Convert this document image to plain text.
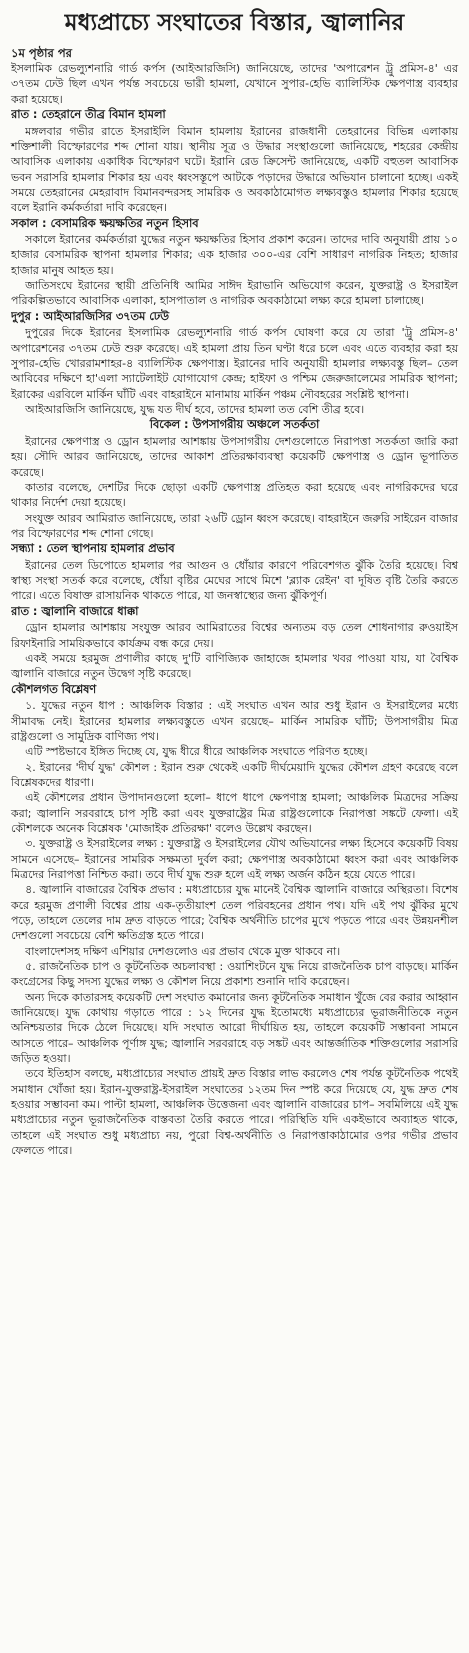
মধ্যপ্রাচ্যে সংঘাতের বিস্তার, জ্বালানির
১ম পৃষ্ঠার পর

ইসলামিক রেভল্যুশনারি গার্ড কর্পস (আইআরজিসি) জানিয়েছে, তাদের 'অপারেশন ট্রু প্রমিস-৪' এর ৩৭তম ঢেউ ছিল এখন পর্যন্ত সবচেয়ে ভারী হামলা, যেখানে সুপার-হেভি ব্যালিস্টিক ক্ষেপণাস্ত্র ব্যবহার করা হয়েছে।

রাত : তেহরানে তীব্র বিমান হামলা

মঙ্গলবার গভীর রাতে ইসরাইলি বিমান হামলায় ইরানের রাজধানী তেহরানের বিভিন্ন এলাকায় শক্তিশালী বিস্ফোরণের শব্দ শোনা যায়। স্থানীয় সূত্র ও উদ্ধার সংস্থাগুলো জানিয়েছে, শহরের কেন্দ্রীয় আবাসিক এলাকায় একাধিক বিস্ফোরণ ঘটে। ইরানি রেড ক্রিসেন্ট জানিয়েছে, একটি বহুতল আবাসিক ভবন সরাসরি হামলার শিকার হয় এবং ধ্বংসস্তূপে আটকে পড়াদের উদ্ধারে অভিযান চালানো হচ্ছে। একই সময়ে তেহরানের মেহরাবাদ বিমানবন্দরসহ সামরিক ও অবকাঠামোগত লক্ষ্যবস্তুও হামলার শিকার হয়েছে বলে ইরানি কর্মকর্তারা দাবি করেছেন।

সকাল : বেসামরিক ক্ষয়ক্ষতির নতুন হিসাব

সকালে ইরানের কর্মকর্তারা যুদ্ধের নতুন ক্ষয়ক্ষতির হিসাব প্রকাশ করেন। তাদের দাবি অনুযায়ী প্রায় ১০ হাজার বেসামরিক স্থাপনা হামলার শিকার; এক হাজার ৩০০-এর বেশি সাধারণ নাগরিক নিহত; হাজার হাজার মানুষ আহত হয়।

জাতিসংঘে ইরানের স্থায়ী প্রতিনিধি আমির সাঈদ ইরাভানি অভিযোগ করেন, যুক্তরাষ্ট্র ও ইসরাইল পরিকল্পিতভাবে আবাসিক এলাকা, হাসপাতাল ও নাগরিক অবকাঠামো লক্ষ্য করে হামলা চালাচ্ছে।

দুপুর : আইআরজিসির ৩৭তম ঢেউ

দুপুরের দিকে ইরানের ইসলামিক রেভল্যুশনারি গার্ড কর্পস ঘোষণা করে যে তারা 'ট্রু প্রমিস-৪' অপারেশনের ৩৭তম ঢেউ শুরু করেছে। এই হামলা প্রায় তিন ঘণ্টা ধরে চলে এবং এতে ব্যবহার করা হয় সুপার-হেভি খোররামশাহর-৪ ব্যালিস্টিক ক্ষেপণাস্ত্র। ইরানের দাবি অনুযায়ী হামলার লক্ষ্যবস্তু ছিল– তেল আবিবের দক্ষিণে হা'এলা স্যাটেলাইট যোগাযোগ কেন্দ্র; হাইফা ও পশ্চিম জেরুজালেমের সামরিক স্থাপনা; ইরাকের এরবিলে মার্কিন ঘাঁটি এবং বাহরাইনে মানামায় মার্কিন পঞ্চম নৌবহরের সংশ্লিষ্ট স্থাপনা।

আইআরজিসি জানিয়েছে, যুদ্ধ যত দীর্ঘ হবে, তাদের হামলা তত বেশি তীব্র হবে।

বিকেল : উপসাগরীয় অঞ্চলে সতর্কতা

ইরানের ক্ষেপণাস্ত্র ও ড্রোন হামলার আশঙ্কায় উপসাগরীয় দেশগুলোতে নিরাপত্তা সতর্কতা জারি করা হয়। সৌদি আরব জানিয়েছে, তাদের আকাশ প্রতিরক্ষাব্যবস্থা কয়েকটি ক্ষেপণাস্ত্র ও ড্রোন ভূপাতিত করেছে।

কাতার বলেছে, দেশটির দিকে ছোড়া একটি ক্ষেপণাস্ত্র প্রতিহত করা হয়েছে এবং নাগরিকদের ঘরে থাকার নির্দেশ দেয়া হয়েছে।

সংযুক্ত আরব আমিরাত জানিয়েছে, তারা ২৬টি ড্রোন ধ্বংস করেছে। বাহরাইনে জরুরি সাইরেন বাজার পর বিস্ফোরণের শব্দ শোনা গেছে।

সন্ধ্যা : তেল স্থাপনায় হামলার প্রভাব

ইরানের তেল ডিপোতে হামলার পর আগুন ও ধোঁয়ার কারণে পরিবেশগত ঝুঁকি তৈরি হয়েছে। বিশ্ব স্বাস্থ্য সংস্থা সতর্ক করে বলেছে, ধোঁয়া বৃষ্টির মেঘের সাথে মিশে 'ব্ল্যাক রেইন' বা দূষিত বৃষ্টি তৈরি করতে পারে। এতে বিষাক্ত রাসায়নিক থাকতে পারে, যা জনস্বাস্থ্যের জন্য ঝুঁকিপূর্ণ।

রাত : জ্বালানি বাজারে ধাক্কা

ড্রোন হামলার আশঙ্কায় সংযুক্ত আরব আমিরাতের বিশ্বের অন্যতম বড় তেল শোধনাগার রুওয়াইস রিফাইনারি সাময়িকভাবে কার্যক্রম বন্ধ করে দেয়।

একই সময়ে হরমুজ প্রণালীর কাছে দু'টি বাণিজ্যিক জাহাজে হামলার খবর পাওয়া যায়, যা বৈশ্বিক জ্বালানি বাজারে নতুন উদ্বেগ সৃষ্টি করেছে।

কৌশলগত বিশ্লেষণ

১. যুদ্ধের নতুন ধাপ : আঞ্চলিক বিস্তার : এই সংঘাত এখন আর শুধু ইরান ও ইসরাইলের মধ্যে সীমাবদ্ধ নেই। ইরানের হামলার লক্ষ্যবস্তুতে এখন রয়েছে– মার্কিন সামরিক ঘাঁটি; উপসাগরীয় মিত্র রাষ্ট্রগুলো ও সামুদ্রিক বাণিজ্য পথ।

এটি স্পষ্টভাবে ইঙ্গিত দিচ্ছে যে, যুদ্ধ ধীরে ধীরে আঞ্চলিক সংঘাতে পরিণত হচ্ছে।

২. ইরানের 'দীর্ঘ যুদ্ধ' কৌশল : ইরান শুরু থেকেই একটি দীর্ঘমেয়াদি যুদ্ধের কৌশল গ্রহণ করেছে বলে বিশ্লেষকদের ধারণা।

এই কৌশলের প্রধান উপাদানগুলো হলো– ধাপে ধাপে ক্ষেপণাস্ত্র হামলা; আঞ্চলিক মিত্রদের সক্রিয় করা; জ্বালানি সরবরাহে চাপ সৃষ্টি করা এবং যুক্তরাষ্ট্রের মিত্র রাষ্ট্রগুলোকে নিরাপত্তা সঙ্কটে ফেলা। এই কৌশলকে অনেক বিশ্লেষক 'মোজাইক প্রতিরক্ষা' বলেও উল্লেখ করছেন।

৩. যুক্তরাষ্ট্র ও ইসরাইলের লক্ষ্য : যুক্তরাষ্ট্র ও ইসরাইলের যৌথ অভিযানের লক্ষ্য হিসেবে কয়েকটি বিষয় সামনে এসেছে– ইরানের সামরিক সক্ষমতা দুর্বল করা; ক্ষেপণাস্ত্র অবকাঠামো ধ্বংস করা এবং আঞ্চলিক মিত্রদের নিরাপত্তা নিশ্চিত করা। তবে দীর্ঘ যুদ্ধ শুরু হলে এই লক্ষ্য অর্জন কঠিন হয়ে যেতে পারে।

৪. জ্বালানি বাজারের বৈশ্বিক প্রভাব : মধ্যপ্রাচ্যের যুদ্ধ মানেই বৈশ্বিক জ্বালানি বাজারে অস্থিরতা। বিশেষ করে হরমুজ প্রণালী বিশ্বের প্রায় এক-তৃতীয়াংশ তেল পরিবহনের প্রধান পথ। যদি এই পথ ঝুঁকির মুখে পড়ে, তাহলে তেলের দাম দ্রুত বাড়তে পারে; বৈশ্বিক অর্থনীতি চাপের মুখে পড়তে পারে এবং উন্নয়নশীল দেশগুলো সবচেয়ে বেশি ক্ষতিগ্রস্ত হতে পারে।

বাংলাদেশসহ দক্ষিণ এশিয়ার দেশগুলোও এর প্রভাব থেকে মুক্ত থাকবে না।

৫. রাজনৈতিক চাপ ও কূটনৈতিক অচলাবস্থা : ওয়াশিংটনে যুদ্ধ নিয়ে রাজনৈতিক চাপ বাড়ছে। মার্কিন কংগ্রেসের কিছু সদস্য যুদ্ধের লক্ষ্য ও কৌশল নিয়ে প্রকাশ্য শুনানি দাবি করেছেন।

অন্য দিকে কাতারসহ কয়েকটি দেশ সংঘাত কমানোর জন্য কূটনৈতিক সমাধান খুঁজে বের করার আহ্বান জানিয়েছে। যুদ্ধ কোথায় গড়াতে পারে : ১২ দিনের যুদ্ধ ইতোমধ্যে মধ্যপ্রাচ্যের ভূরাজনীতিকে নতুন অনিশ্চয়তার দিকে ঠেলে দিয়েছে। যদি সংঘাত আরো দীর্ঘায়িত হয়, তাহলে কয়েকটি সম্ভাবনা সামনে আসতে পারে– আঞ্চলিক পূর্ণাঙ্গ যুদ্ধ; জ্বালানি সরবরাহে বড় সঙ্কট এবং আন্তর্জাতিক শক্তিগুলোর সরাসরি জড়িত হওয়া।

তবে ইতিহাস বলছে, মধ্যপ্রাচ্যের সংঘাত প্রায়ই দ্রুত বিস্তার লাভ করলেও শেষ পর্যন্ত কূটনৈতিক পথেই সমাধান খোঁজা হয়। ইরান-যুক্তরাষ্ট্র-ইসরাইল সংঘাতের ১২তম দিন স্পষ্ট করে দিয়েছে যে, যুদ্ধ দ্রুত শেষ হওয়ার সম্ভাবনা কম। পাল্টা হামলা, আঞ্চলিক উত্তেজনা এবং জ্বালানি বাজারের চাপ– সবমিলিয়ে এই যুদ্ধ মধ্যপ্রাচ্যের নতুন ভূরাজনৈতিক বাস্তবতা তৈরি করতে পারে। পরিস্থিতি যদি একইভাবে অব্যাহত থাকে, তাহলে এই সংঘাত শুধু মধ্যপ্রাচ্য নয়, পুরো বিশ্ব-অর্থনীতি ও নিরাপত্তাকাঠামোর ওপর গভীর প্রভাব ফেলতে পারে।
